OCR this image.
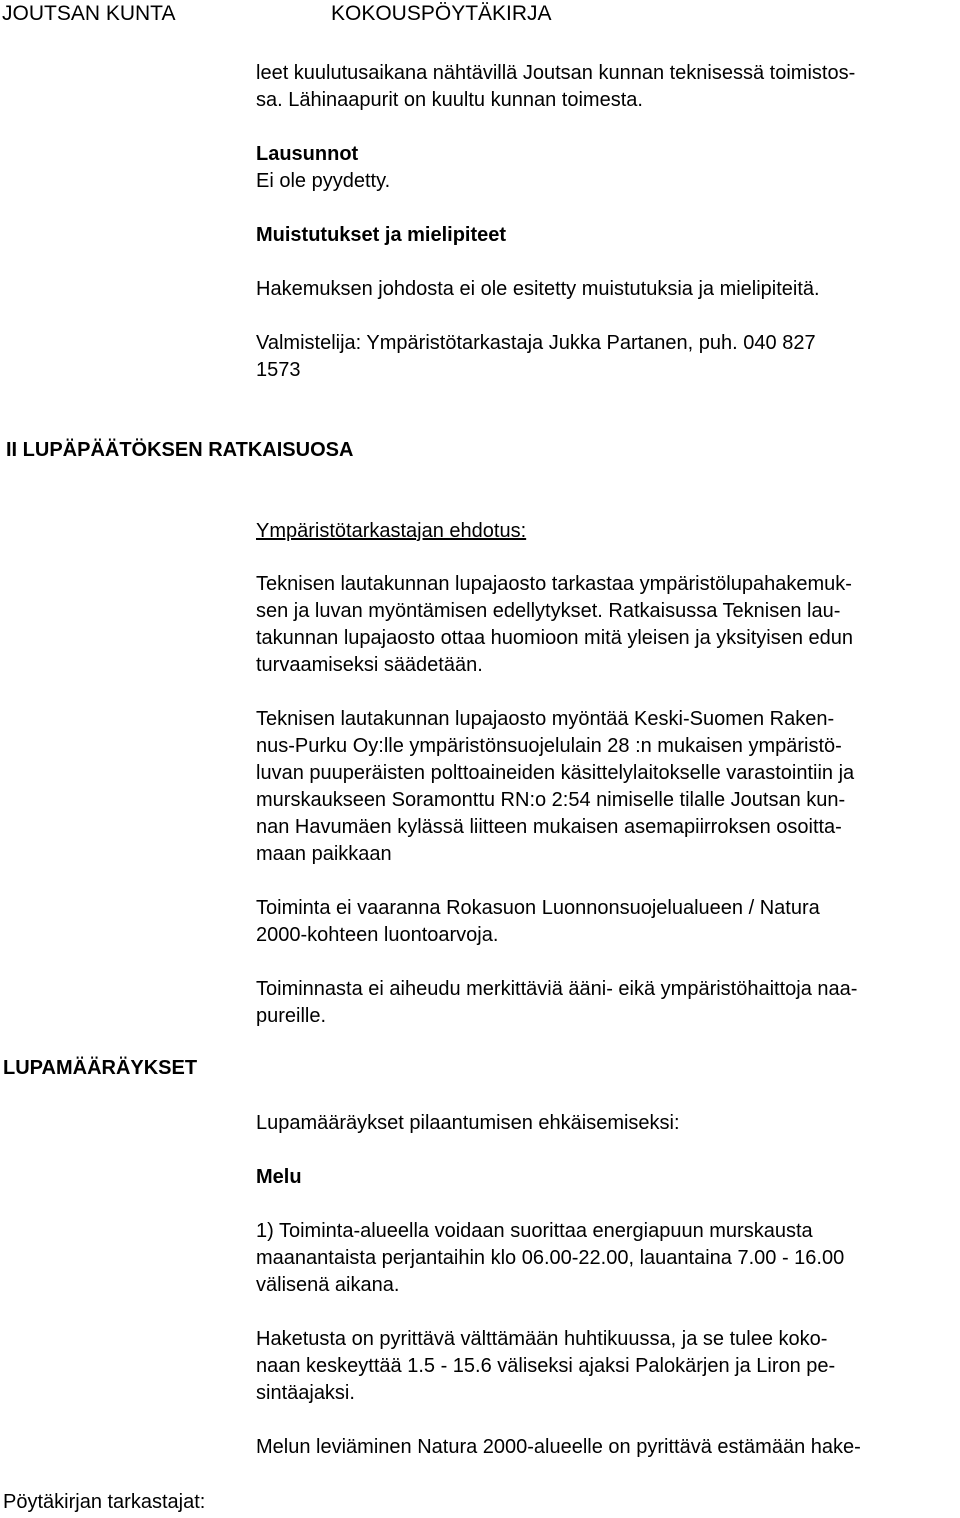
JOUTSAN KUNTA	KOKOUSPÖYTÄKIRJA
leet kuulutusaikana nähtävillä Joutsan kunnan teknisessä toimistos-
sa. Lähinaapurit on kuultu kunnan toimesta.
Lausunnot
Ei ole pyydetty.
Muistutukset ja mielipiteet
Hakemuksen johdosta ei ole esitetty muistutuksia ja mielipiteitä.
Valmistelija: Ympäristötarkastaja Jukka Partanen, puh. 040 827
1573
II LUPÄPÄÄTÖKSEN RATKAISUOSA
Ympäristötarkastajan ehdotus:
Teknisen lautakunnan lupajaosto tarkastaa ympäristölupahakemuk-
sen ja luvan myöntämisen edellytykset. Ratkaisussa Teknisen lau-
takunnan lupajaosto ottaa huomioon mitä yleisen ja yksityisen edun
turvaamiseksi säädetään.
Teknisen lautakunnan lupajaosto myöntää Keski-Suomen Raken-
nus-Purku Oy:lle ympäristönsuojelulain 28 :n mukaisen ympäristö-
luvan puuperäisten polttoaineiden käsittelylaitokselle varastointiin ja
murskaukseen Soramonttu RN:o 2:54 nimiselle tilalle Joutsan kun-
nan Havumäen kylässä liitteen mukaisen asemapiirroksen osoitta-
maan paikkaan
Toiminta ei vaaranna Rokasuon Luonnonsuojelualueen / Natura
2000-kohteen luontoarvoja.
Toiminnasta ei aiheudu merkittäviä ääni- eikä ympäristöhaittoja naa-
pureille.
LUPAMÄÄRÄYKSET
Lupamääräykset pilaantumisen ehkäisemiseksi:
Melu
1) Toiminta-alueella voidaan suorittaa energiapuun murskausta
maanantaista perjantaihin klo 06.00-22.00, lauantaina 7.00 - 16.00
välisenä aikana.
Haketusta on pyrittävä välttämään huhtikuussa, ja se tulee koko-
naan keskeyttää 1.5 - 15.6 väliseksi ajaksi Palokärjen ja Liron pe-
sintäajaksi.
Melun leviäminen Natura 2000-alueelle on pyrittävä estämään hake-
Pöytäkirjan tarkastajat:
